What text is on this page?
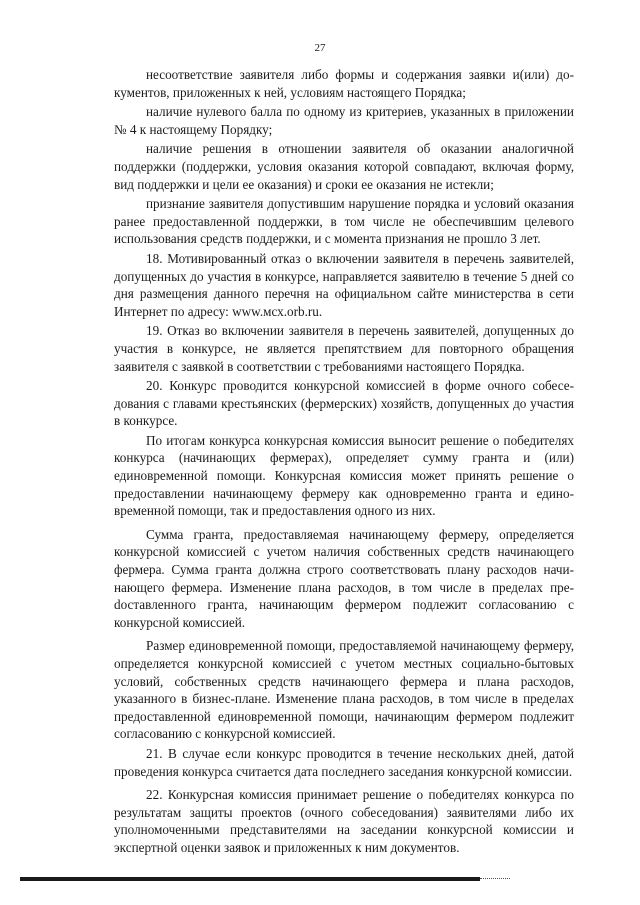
27

несоответствие заявителя либо формы и содержания заявки и(или) документов, приложенных к ней, условиям настоящего Порядка;

наличие нулевого балла по одному из критериев, указанных в приложении № 4 к настоящему Порядку;

наличие решения в отношении заявителя об оказании аналогичной поддержки (поддержки, условия оказания которой совпадают, включая форму, вид поддержки и цели ее оказания) и сроки ее оказания не истекли;

признание заявителя допустившим нарушение порядка и условий оказания ранее предоставленной поддержки, в том числе не обеспечившим целевого использования средств поддержки, и с момента признания не прошло 3 лет.

18. Мотивированный отказ о включении заявителя в перечень заявителей, допущенных до участия в конкурсе, направляется заявителю в течение 5 дней со дня размещения данного перечня на официальном сайте министерства в сети Интернет по адресу: www.мсх.orb.ru.

19. Отказ во включении заявителя в перечень заявителей, допущенных до участия в конкурсе, не является препятствием для повторного обращения заявителя с заявкой в соответствии с требованиями настоящего Порядка.

20. Конкурс проводится конкурсной комиссией в форме очного собеседования с главами крестьянских (фермерских) хозяйств, допущенных до участия в конкурсе.

По итогам конкурса конкурсная комиссия выносит решение о победителях конкурса (начинающих фермерах), определяет сумму гранта и (или) единовременной помощи. Конкурсная комиссия может принять решение о предоставлении начинающему фермеру как одновременно гранта и единовременной помощи, так и предоставления одного из них.

Сумма гранта, предоставляемая начинающему фермеру, определяется конкурсной комиссией с учетом наличия собственных средств начинающего фермера. Сумма гранта должна строго соответствовать плану расходов начинающего фермера. Изменение плана расходов, в том числе в пределах преdоставленного гранта, начинающим фермером подлежит согласованию с конкурсной комиссией.

Размер единовременной помощи, предоставляемой начинающему фермеру, определяется конкурсной комиссией с учетом местных социально-бытовых условий, собственных средств начинающего фермера и плана расходов, указанного в бизнес-плане. Изменение плана расходов, в том числе в пределах предоставленной единовременной помощи, начинающим фермером подлежит согласованию с конкурсной комиссией.

21. В случае если конкурс проводится в течение нескольких дней, датой проведения конкурса считается дата последнего заседания конкурсной комиссии.

22. Конкурсная комиссия принимает решение о победителях конкурса по результатам защиты проектов (очного собеседования) заявителями либо их уполномоченными представителями на заседании конкурсной комиссии и экспертной оценки заявок и приложенных к ним документов.
